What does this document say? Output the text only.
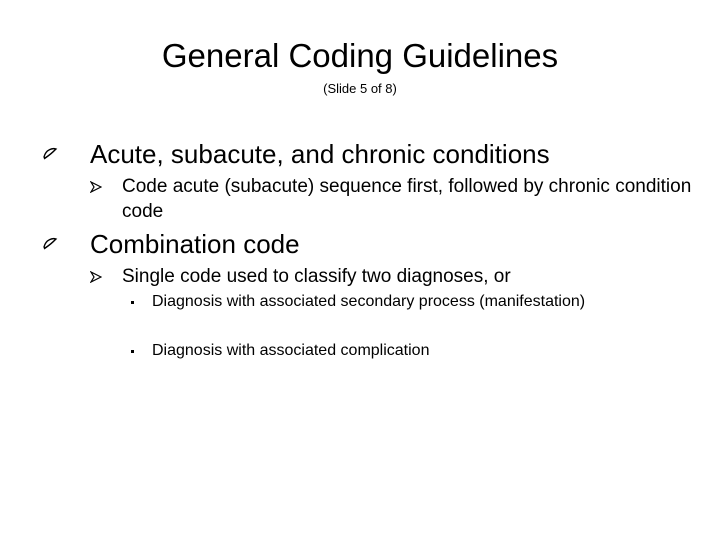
General Coding Guidelines
(Slide 5 of 8)
Acute, subacute, and chronic conditions
Code acute (subacute) sequence first, followed by chronic condition code
Combination code
Single code used to classify two diagnoses, or
Diagnosis with associated secondary process (manifestation)
Diagnosis with associated complication
